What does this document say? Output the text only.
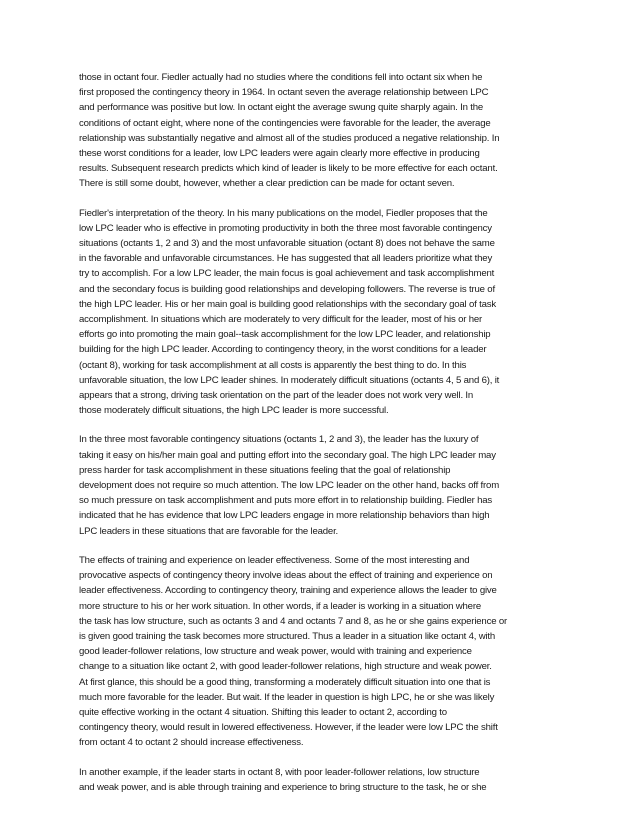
those in octant four. Fiedler actually had no studies where the conditions fell into octant six when he
first proposed the contingency theory in 1964. In octant seven the average relationship between LPC
and performance was positive but low. In octant eight the average swung quite sharply again. In the
conditions of octant eight, where none of the contingencies were favorable for the leader, the average
relationship was substantially negative and almost all of the studies produced a negative relationship. In
these worst conditions for a leader, low LPC leaders were again clearly more effective in producing
results. Subsequent research predicts which kind of leader is likely to be more effective for each octant.
There is still some doubt, however, whether a clear prediction can be made for octant seven.

Fiedler's interpretation of the theory. In his many publications on the model, Fiedler proposes that the
low LPC leader who is effective in promoting productivity in both the three most favorable contingency
situations (octants 1, 2 and 3) and the most unfavorable situation (octant 8) does not behave the same
in the favorable and unfavorable circumstances. He has suggested that all leaders prioritize what they
try to accomplish. For a low LPC leader, the main focus is goal achievement and task accomplishment
and the secondary focus is building good relationships and developing followers. The reverse is true of
the high LPC leader. His or her main goal is building good relationships with the secondary goal of task
accomplishment. In situations which are moderately to very difficult for the leader, most of his or her
efforts go into promoting the main goal--task accomplishment for the low LPC leader, and relationship
building for the high LPC leader. According to contingency theory, in the worst conditions for a leader
(octant 8), working for task accomplishment at all costs is apparently the best thing to do. In this
unfavorable situation, the low LPC leader shines. In moderately difficult situations (octants 4, 5 and 6), it
appears that a strong, driving task orientation on the part of the leader does not work very well. In
those moderately difficult situations, the high LPC leader is more successful.

In the three most favorable contingency situations (octants 1, 2 and 3), the leader has the luxury of
taking it easy on his/her main goal and putting effort into the secondary goal. The high LPC leader may
press harder for task accomplishment in these situations feeling that the goal of relationship
development does not require so much attention. The low LPC leader on the other hand, backs off from
so much pressure on task accomplishment and puts more effort in to relationship building. Fiedler has
indicated that he has evidence that low LPC leaders engage in more relationship behaviors than high
LPC leaders in these situations that are favorable for the leader.

The effects of training and experience on leader effectiveness. Some of the most interesting and
provocative aspects of contingency theory involve ideas about the effect of training and experience on
leader effectiveness. According to contingency theory, training and experience allows the leader to give
more structure to his or her work situation. In other words, if a leader is working in a situation where
the task has low structure, such as octants 3 and 4 and octants 7 and 8, as he or she gains experience or
is given good training the task becomes more structured. Thus a leader in a situation like octant 4, with
good leader-follower relations, low structure and weak power, would with training and experience
change to a situation like octant 2, with good leader-follower relations, high structure and weak power.
At first glance, this should be a good thing, transforming a moderately difficult situation into one that is
much more favorable for the leader. But wait. If the leader in question is high LPC, he or she was likely
quite effective working in the octant 4 situation. Shifting this leader to octant 2, according to
contingency theory, would result in lowered effectiveness. However, if the leader were low LPC the shift
from octant 4 to octant 2 should increase effectiveness.

In another example, if the leader starts in octant 8, with poor leader-follower relations, low structure
and weak power, and is able through training and experience to bring structure to the task, he or she
